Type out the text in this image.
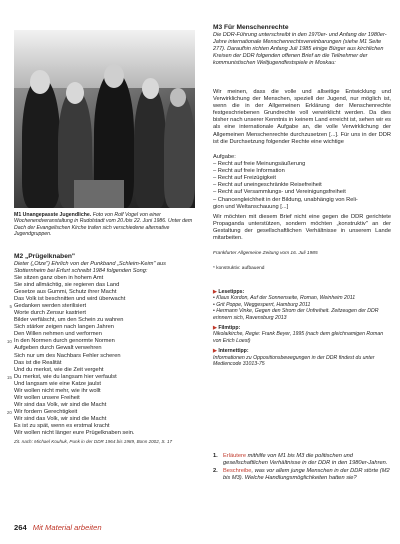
M1 Unangepasste Jugendliche. Foto von Rolf Vogel von einer Wochenendveranstaltung in Rudolstadt vom 20./bis 22. Juni 1986. Unter dem Dach der Evangelischen Kirche trafen sich verschiedene alternative Jugendgruppen.
M2 „Prügelknaben"
Dieter („Otze") Ehrlich von der Punkband „Schleim-Keim" aus Stotternheim bei Erfurt schreibt 1984 folgenden Song:
Sie sitzen ganz oben in hohem Amt
Sie sind allmächtig, sie regieren das Land
Gesetze aus Gummi, Schutz ihrer Macht
Das Volk ist beschnitten und wird überwacht
5 Gedanken werden sterilisiert
Worte durch Zensur kastriert
Bilder verfälscht, um den Schein zu wahren
Sich stärker zeigen nach langen Jahren
Den Willen nehmen und verformen
10 In den Normen durch genormte Normen
Aufgeben durch Gewalt verwehren
Sich nur um des Nachbars Fehler scheren
Das ist die Realität
Und du merkst, wie die Zeit vergeht
15 Du merkst, wie du langsam hier verfaulst
Und langsam wie eine Katze jaulst
Wir wollen nicht mehr, wie ihr wollt
Wir wollen unsere Freiheit
Wir sind das Volk, wir sind die Macht
20 Wir fordern Gerechtigkeit
Wir sind das Volk, wir sind die Macht
Es ist zu spät, wenn es erstmal kracht
Wir wollen nicht länger eure Prügelknaben sein.
Zit. nach: Michael Kouhuk, Punk in der DDR 1964 bis 1989, Bonn 2002, S. 17
M3 Für Menschenrechte
Die DDR-Führung unterschreibt in den 1970er- und Anfang der 1980er-Jahre internationale Menschenrechtsvereinbarungen (siehe M1 Seite 277). Daraufhin richten Anfang Juli 1985 einige Bürger aus kirchlichen Kreisen der DDR folgenden offenen Brief an die Teilnehmer der kommunistischen Weltjugendfestspiele in Moskau:
Wir meinen, dass die volle und allseitige Entwicklung und Verwirklichung der Menschen, speziell der Jugend, nur möglich ist, wenn die in der Allgemeinen Erklärung der Menschenrechte festgeschriebenen Grundrechte voll verwirklicht werden. Da dies bisher nach unserer Kenntnis in keinem Land erreicht ist, sehen wir es als eine internationale Aufgabe an, die volle Verwirklichung der Allgemeinen Menschenrechte durchzusetzen [...]. Für uns in der DDR ist die Durchsetzung folgender Rechte eine wichtige
Aufgabe:
– Recht auf freie Meinungsäußerung
– Recht auf freie Information
– Recht auf Freizügigkeit
– Recht auf uneingeschränkte Reisefreiheit
– Recht auf Versammlungs- und Vereinigungsfreiheit
– Chancengleichheit in der Bildung, unabhängig von Reli-
gion und Weltanschauung [...]
Wir möchten mit diesem Brief nicht eine gegen die DDR gerichtete Propaganda unterstützen, sondern möchten „konstruktiv" an der Gestaltung der gesellschaftlichen Verhältnisse in unserem Lande mitarbeiten.
Frankfurter Allgemeine Zeitung vom 16. Juli 1985
* konstruktiv: aufbauend
▶ Lesetipps:
• Klaus Kordon, Auf der Sonnenseite, Roman, Weinheim 2011
• Grit Poppe, Weggesperrt, Hamburg 2011
• Hermann Vinke, Gegen den Strom der Unfreiheit. Zeitzeugen der DDR erinnern sich, Ravensburg 2013
▶ Filmtipp:
Nikolaikirche, Regie: Frank Beyer, 1995 (nach dem gleichnamigen Roman von Erich Loest)
▶ Internettipp:
Informationen zu Oppositionsbewegungen in der DDR findest du unter Mediencode 31013-75
1. Erläutere mithilfe von M1 bis M3 die politischen und gesellschaftlichen Verhältnisse in der DDR in den 1980er-Jahren.
2. Beschreibe, was vor allem junge Menschen in der DDR störte (M2 bis M3). Welche Handlungsmöglichkeiten hatten sie?
264 Mit Material arbeiten
